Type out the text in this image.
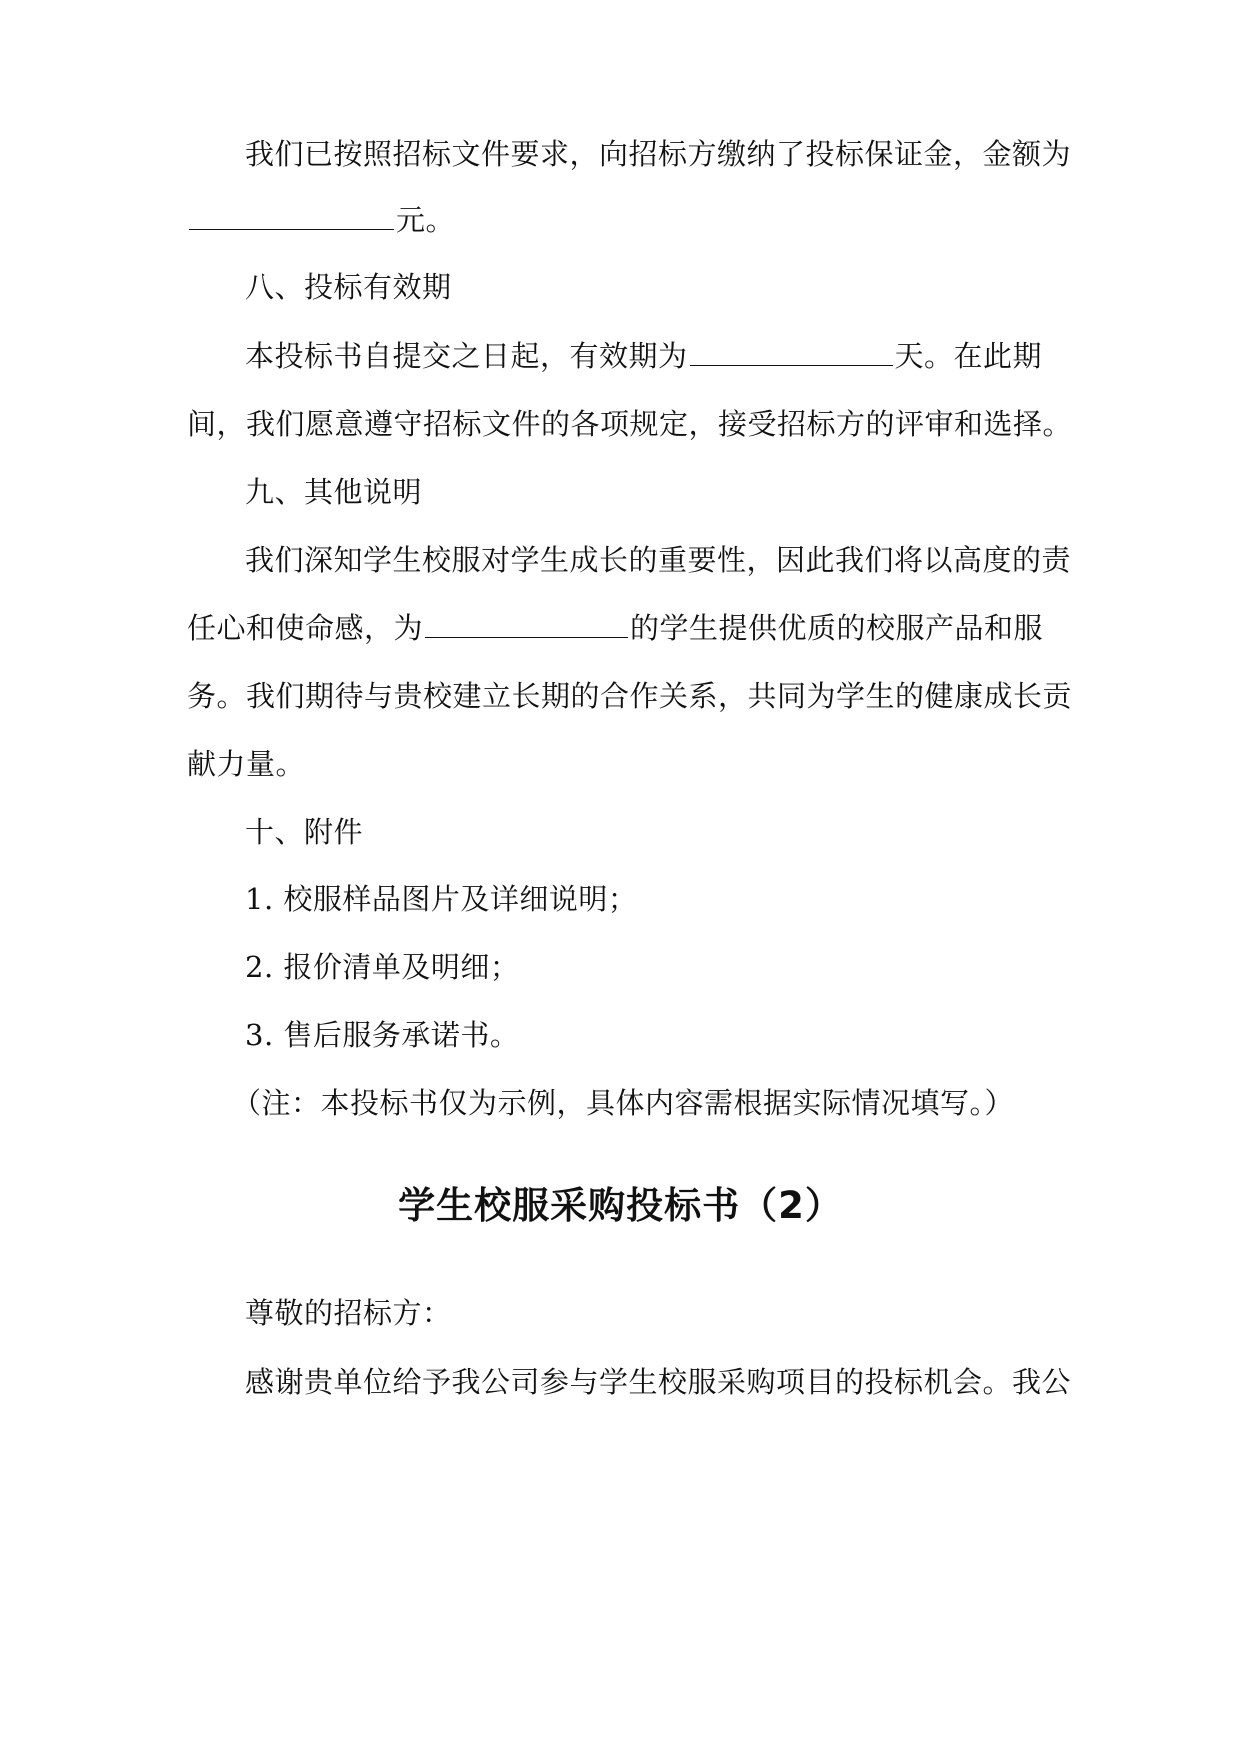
我们已按照招标文件要求，向招标方缴纳了投标保证金，金额为
元。
八、投标有效期
本投标书自提交之日起，有效期为	天。在此期
间，我们愿意遵守招标文件的各项规定，接受招标方的评审和选择。
九、其他说明
我们深知学生校服对学生成长的重要性，因此我们将以高度的责
任心和使命感，为	的学生提供优质的校服产品和服
务。我们期待与贵校建立长期的合作关系，共同为学生的健康成长贡
献力量。
十、附件
1. 校服样品图片及详细说明；
2. 报价清单及明细；
3. 售后服务承诺书。
（注：本投标书仅为示例，具体内容需根据实际情况填写。）
学生校服采购投标书（2）
尊敬的招标方：
感谢贵单位给予我公司参与学生校服采购项目的投标机会。我公
